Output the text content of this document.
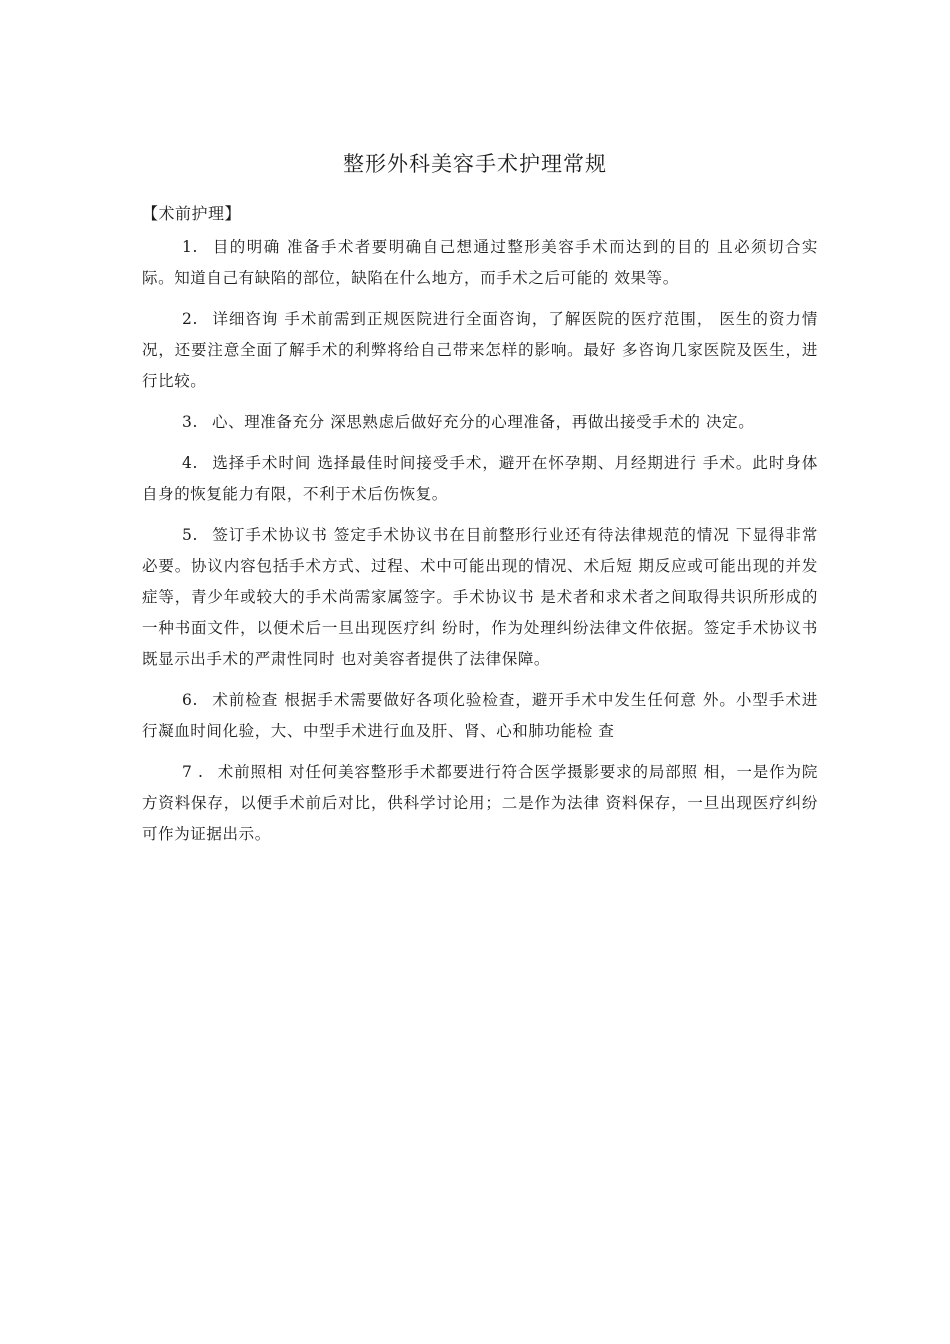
整形外科美容手术护理常规
【术前护理】

1. 目的明确 准备手术者要明确自己想通过整形美容手术而达到的目的 且必须切合实际。知道自己有缺陷的部位，缺陷在什么地方，而手术之后可能的 效果等。

2. 详细咨询 手术前需到正规医院进行全面咨询，了解医院的医疗范围， 医生的资力情况，还要注意全面了解手术的利弊将给自己带来怎样的影响。最好 多咨询几家医院及医生，进行比较。

3. 心、理准备充分 深思熟虑后做好充分的心理准备，再做出接受手术的 决定。

4. 选择手术时间 选择最佳时间接受手术，避开在怀孕期、月经期进行 手术。此时身体自身的恢复能力有限，不利于术后伤恢复。

5. 签订手术协议书 签定手术协议书在目前整形行业还有待法律规范的情况 下显得非常必要。协议内容包括手术方式、过程、术中可能出现的情况、术后短 期反应或可能出现的并发症等，青少年或较大的手术尚需家属签字。手术协议书 是术者和求术者之间取得共识所形成的一种书面文件，以便术后一旦出现医疗纠 纷时，作为处理纠纷法律文件依据。签定手术协议书既显示出手术的严肃性同时 也对美容者提供了法律保障。

6. 术前检查 根据手术需要做好各项化验检查，避开手术中发生任何意 外。小型手术进行凝血时间化验，大、中型手术进行血及肝、肾、心和肺功能检 查

7 . 术前照相 对任何美容整形手术都要进行符合医学摄影要求的局部照 相，一是作为院方资料保存，以便手术前后对比，供科学讨论用；二是作为法律 资料保存，一旦出现医疗纠纷可作为证据出示。
